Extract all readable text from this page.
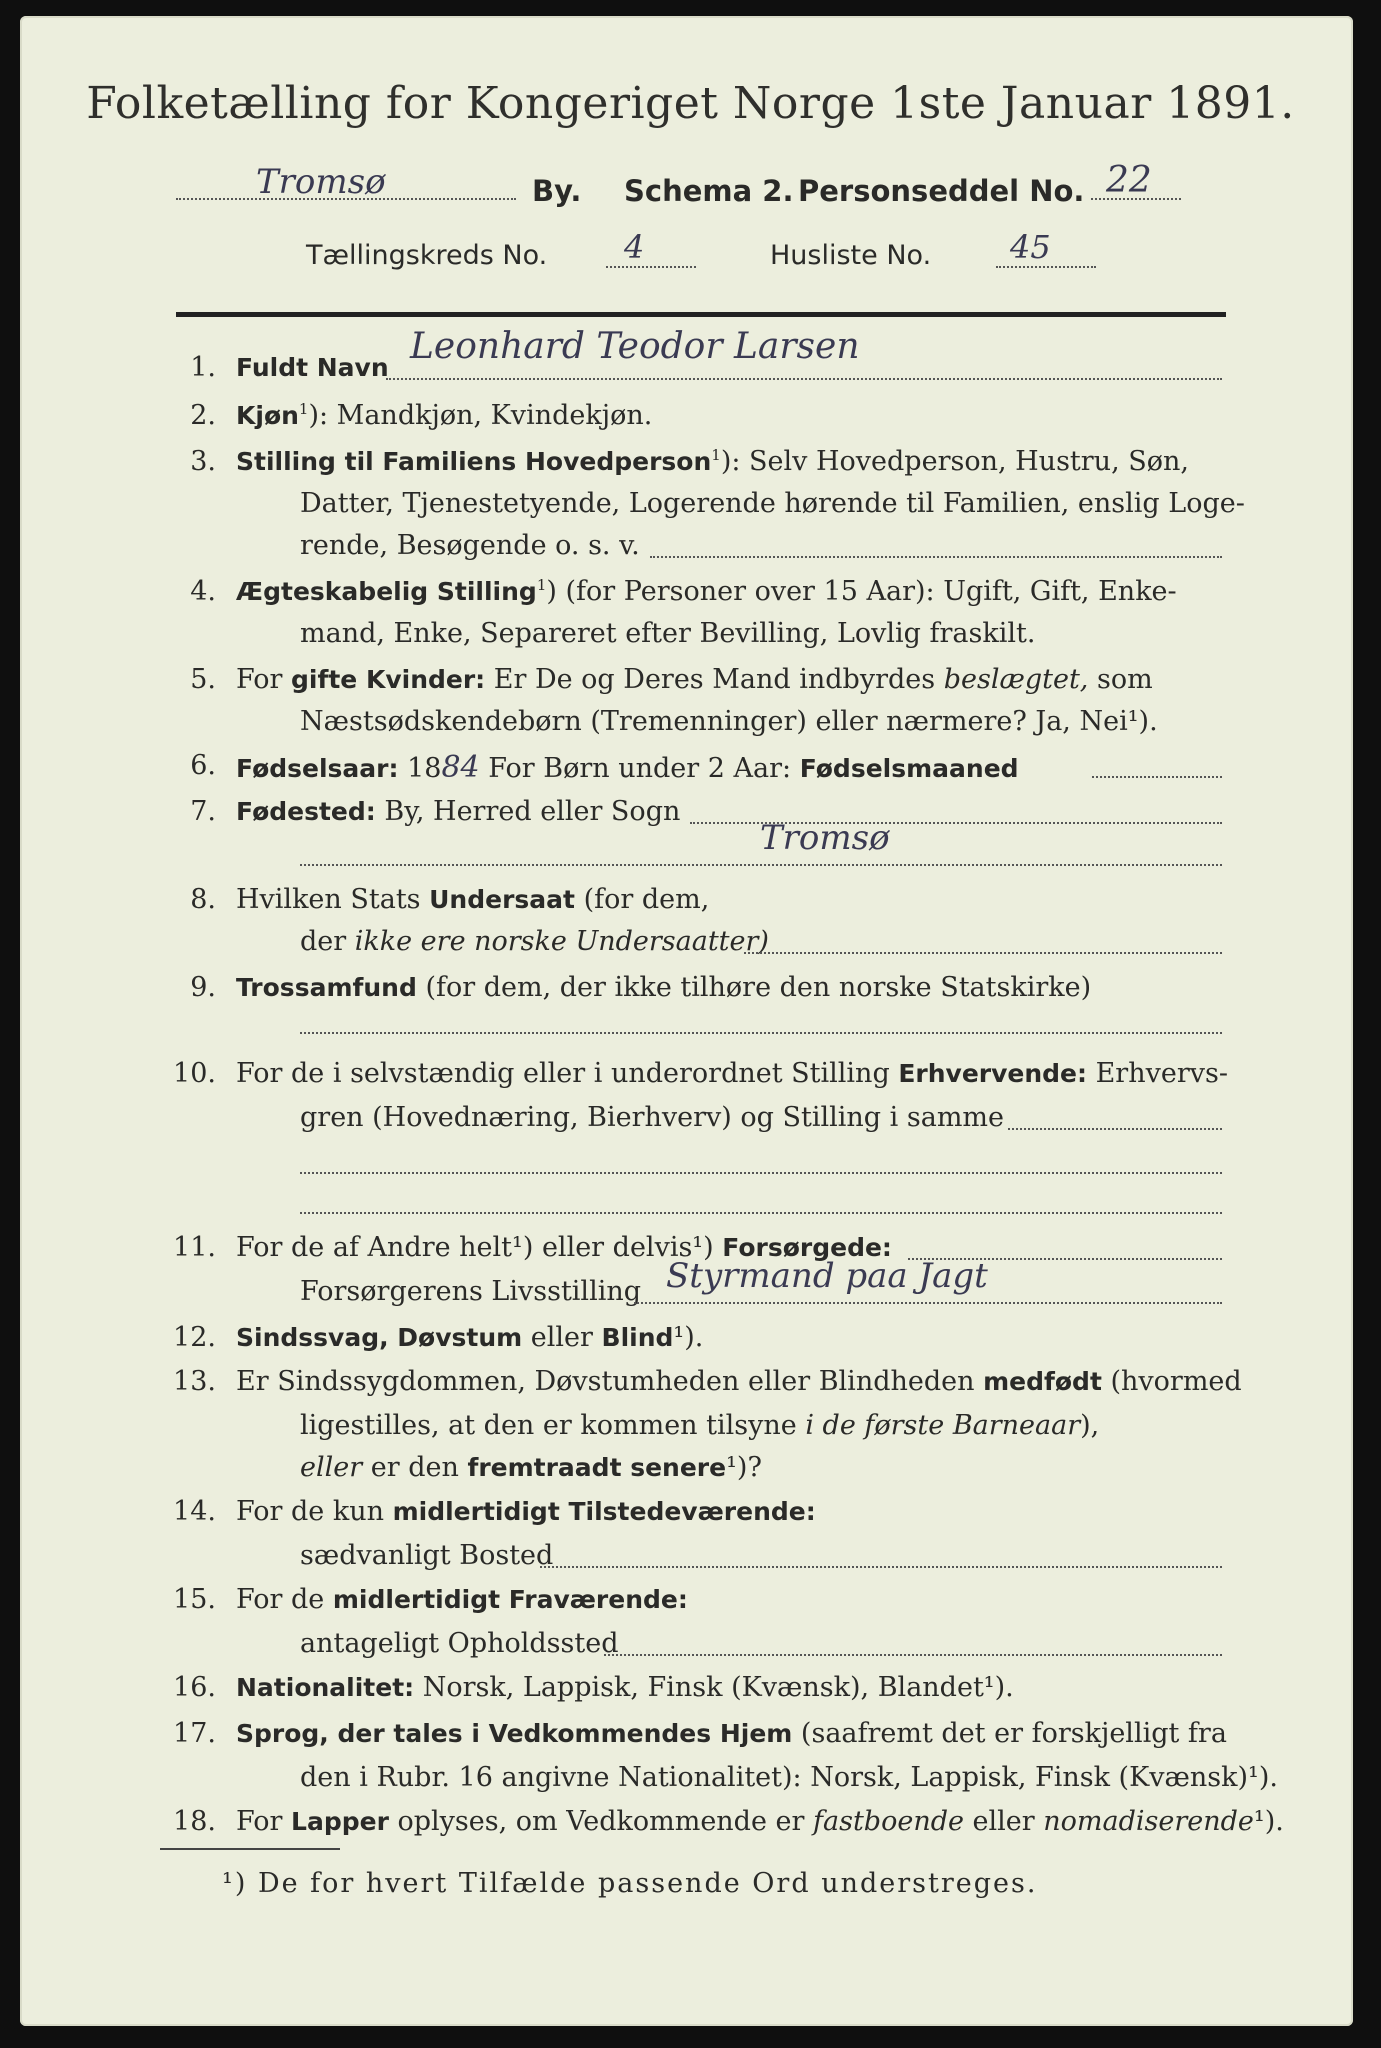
Folketælling for Kongeriget Norge 1ste Januar 1891.
Tromsø	By. Schema 2. Personseddel No. 22
Tællingskreds No. 4	Husliste No. 45
1. Fuldt Navn
Leonhard Teodor Larsen
2. Kjøn$^1$): Mandkjøn, Kvindekjøn.
3. Stilling til Familiens Hovedperson$^1$): Selv Hovedperson, Hustru, Søn,
Datter, Tjenestetyende, Logerende hørende til Familien, enslig Loge-
rende, Besøgende o. s. v.
4. Ægteskabelig Stilling$^1$) (for Personer over 15 Aar): Ugift, Gift, Enke-
mand, Enke, Separeret efter Bevilling, Lovlig fraskilt.
5. For gifte Kvinder: Er De og Deres Mand indbyrdes beslægtet, som
Næstsødskendebørn (Tremenninger) eller nærmere? Ja, Nei¹).
6. Fødselsaar: 1884 For Børn under 2 Aar: Fødselsmaaned
7. Fødested: By, Herred eller Sogn
Tromsø
8. Hvilken Stats Undersaat (for dem,
der ikke ere norske Undersaatter)
9. Trossamfund (for dem, der ikke tilhøre den norske Statskirke)
10. For de i selvstændig eller i underordnet Stilling Erhvervende: Erhvervs-
gren (Hovednæring, Bierhverv) og Stilling i samme
11. For de af Andre helt¹) eller delvis¹) Forsørgede:
Forsørgerens Livsstilling Styrmand paa Jagt
12. Sindssvag, Døvstum eller Blind¹).
13. Er Sindssygdommen, Døvstumheden eller Blindheden medfødt (hvormed
ligestilles, at den er kommen tilsyne i de første Barneaar),
eller er den fremtraadt senere¹)?
14. For de kun midlertidigt Tilstedeværende:
sædvanligt Bosted
15. For de midlertidigt Fraværende:
antageligt Opholdssted
16. Nationalitet: Norsk, Lappisk, Finsk (Kvænsk), Blandet¹).
17. Sprog, der tales i Vedkommendes Hjem (saafremt det er forskjelligt fra
den i Rubr. 16 angivne Nationalitet): Norsk, Lappisk, Finsk (Kvænsk)¹).
18. For Lapper oplyses, om Vedkommende er fastboende eller nomadiserende¹).
¹) De for hvert Tilfælde passende Ord understreges.
